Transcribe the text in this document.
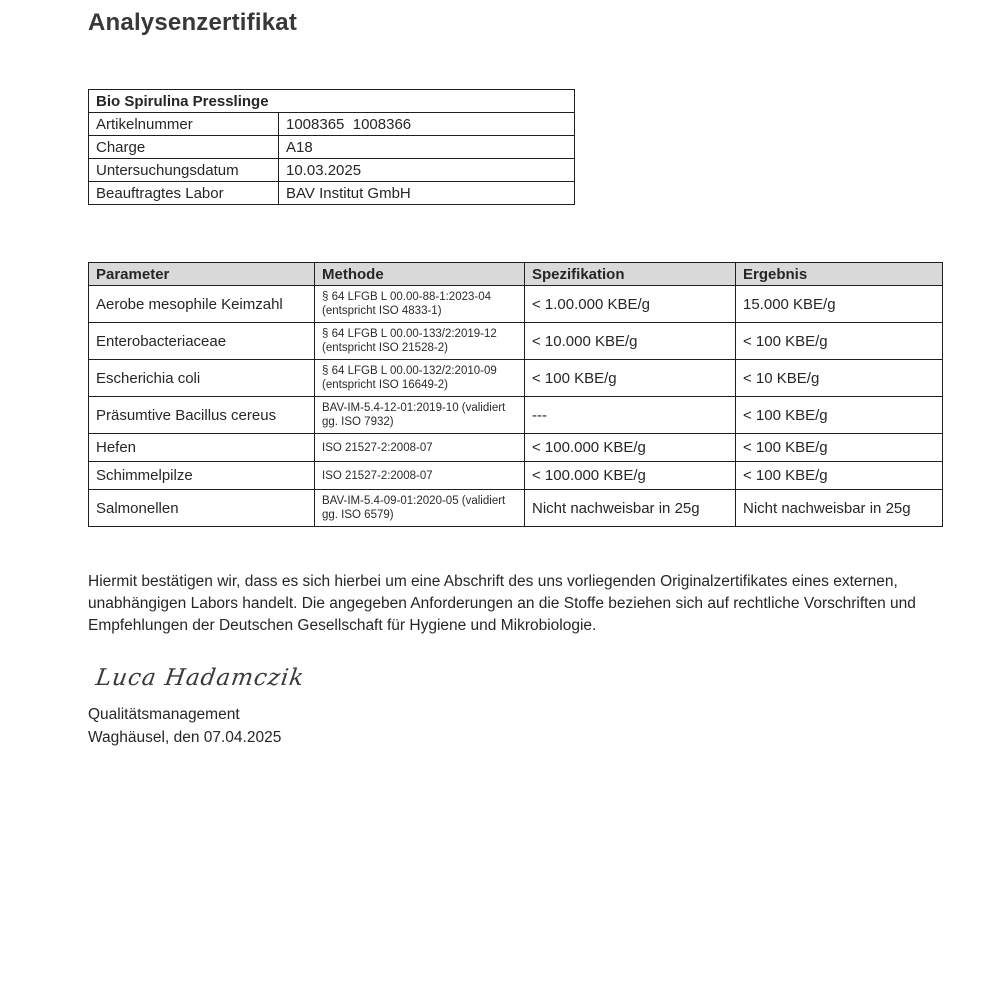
Analysenzertifikat
Bio Spirulina Presslinge	
Artikelnummer	1008365  1008366
Charge	A18
Untersuchungsdatum	10.03.2025
Beauftragtes Labor	BAV Institut GmbH
Parameter	Methode	Spezifikation	Ergebnis
Aerobe mesophile Keimzahl	§ 64 LFGB L 00.00-88-1:2023-04 (entspricht ISO 4833-1)	< 1.00.000 KBE/g	15.000 KBE/g
Enterobacteriaceae	§ 64 LFGB L 00.00-133/2:2019-12 (entspricht ISO 21528-2)	< 10.000 KBE/g	< 100 KBE/g
Escherichia coli	§ 64 LFGB L 00.00-132/2:2010-09 (entspricht ISO 16649-2)	< 100 KBE/g	< 10 KBE/g
Präsumtive Bacillus cereus	BAV-IM-5.4-12-01:2019-10 (validiert gg. ISO 7932)	---	< 100 KBE/g
Hefen	ISO 21527-2:2008-07	< 100.000 KBE/g	< 100 KBE/g
Schimmelpilze	ISO 21527-2:2008-07	< 100.000 KBE/g	< 100 KBE/g
Salmonellen	BAV-IM-5.4-09-01:2020-05 (validiert gg. ISO 6579)	Nicht nachweisbar in 25g	Nicht nachweisbar in 25g

Hiermit bestätigen wir, dass es sich hierbei um eine Abschrift des uns vorliegenden Originalzertifikates eines externen, unabhängigen Labors handelt. Die angegeben Anforderungen an die Stoffe beziehen sich auf rechtliche Vorschriften und Empfehlungen der Deutschen Gesellschaft für Hygiene und Mikrobiologie.

Luca Hadamczik
Qualitätsmanagement
Waghäusel, den 07.04.2025
